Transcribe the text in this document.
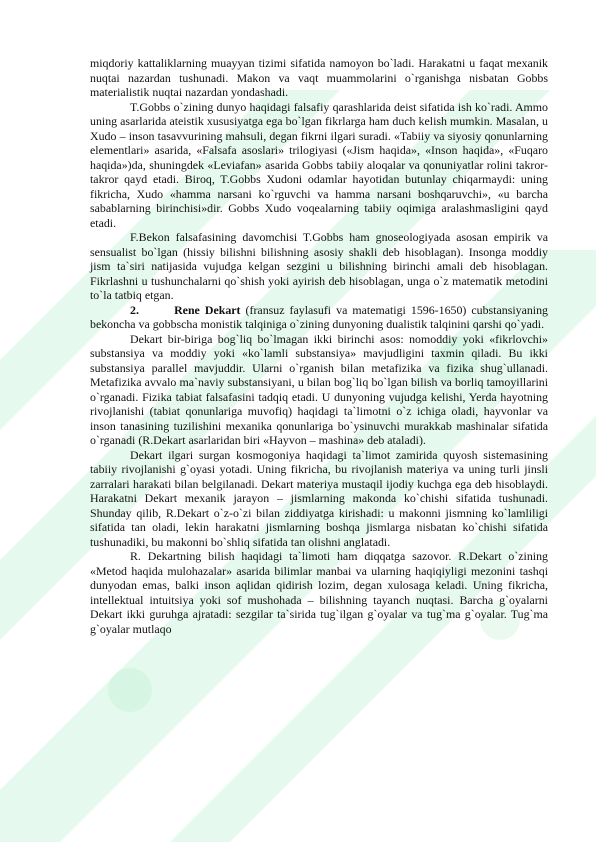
miqdoriy kattaliklarning muayyan tizimi sifatida namoyon bo`ladi. Harakatni u faqat mexanik nuqtai nazardan tushunadi. Makon va vaqt muammolarini o`rganishga nisbatan Gobbs materialistik nuqtai nazardan yondashadi.

T.Gobbs o`zining dunyo haqidagi falsafiy qarashlarida deist sifatida ish ko`radi. Ammo uning asarlarida ateistik xususiyatga ega bo`lgan fikrlarga ham duch kelish mumkin. Masalan, u Xudo – inson tasavvurining mahsuli, degan fikrni ilgari suradi. «Tabiiy va siyosiy qonunlarning elementlari» asarida, «Falsafa asoslari» trilogiyasi («Jism haqida», «Inson haqida», «Fuqaro haqida»)da, shuningdek «Leviafan» asarida Gobbs tabiiy aloqalar va qonuniyatlar rolini takror-takror qayd etadi. Biroq, T.Gobbs Xudoni odamlar hayotidan butunlay chiqarmaydi: uning fikricha, Xudo «hamma narsani ko`rguvchi va hamma narsani boshqaruvchi», «u barcha sabablarning birinchisi»dir. Gobbs Xudo voqealarning tabiiy oqimiga aralashmasligini qayd etadi.

F.Bekon falsafasining davomchisi T.Gobbs ham gnoseologiyada asosan empirik va sensualist bo`lgan (hissiy bilishni bilishning asosiy shakli deb hisoblagan). Insonga moddiy jism ta`siri natijasida vujudga kelgan sezgini u bilishning birinchi amali deb hisoblagan. Fikrlashni u tushunchalarni qo`shish yoki ayirish deb hisoblagan, unga o`z matematik metodini to`la tatbiq etgan.

2.	Rene Dekart (fransuz faylasufi va matematigi 1596-1650) cubstansiyaning bekoncha va gobbscha monistik talqiniga o`zining dunyoning dualistik talqinini qarshi qo`yadi.

Dekart bir-biriga bog`liq bo`lmagan ikki birinchi asos: nomoddiy yoki «fikrlovchi» substansiya va moddiy yoki «ko`lamli substansiya» mavjudligini taxmin qiladi. Bu ikki substansiya parallel mavjuddir. Ularni o`rganish bilan metafizika va fizika shug`ullanadi. Metafizika avvalo ma`naviy substansiyani, u bilan bog`liq bo`lgan bilish va borliq tamoyillarini o`rganadi. Fizika tabiat falsafasini tadqiq etadi. U dunyoning vujudga kelishi, Yerda hayotning rivojlanishi (tabiat qonunlariga muvofiq) haqidagi ta`limotni o`z ichiga oladi, hayvonlar va inson tanasining tuzilishini mexanika qonunlariga bo`ysinuvchi murakkab mashinalar sifatida o`rganadi (R.Dekart asarlaridan biri «Hayvon – mashina» deb ataladi).

Dekart ilgari surgan kosmogoniya haqidagi ta`limot zamirida quyosh sistemasining tabiiy rivojlanishi g`oyasi yotadi. Uning fikricha, bu rivojlanish materiya va uning turli jinsli zarralari harakati bilan belgilanadi. Dekart materiya mustaqil ijodiy kuchga ega deb hisoblaydi. Harakatni Dekart mexanik jarayon – jismlarning makonda ko`chishi sifatida tushunadi. Shunday qilib, R.Dekart o`z-o`zi bilan ziddiyatga kirishadi: u makonni jismning ko`lamliligi sifatida tan oladi, lekin harakatni jismlarning boshqa jismlarga nisbatan ko`chishi sifatida tushunadiki, bu makonni bo`shliq sifatida tan olishni anglatadi.

R. Dekartning bilish haqidagi ta`limoti ham diqqatga sazovor. R.Dekart o`zining «Metod haqida mulohazalar» asarida bilimlar manbai va ularning haqiqiyligi mezonini tashqi dunyodan emas, balki inson aqlidan qidirish lozim, degan xulosaga keladi. Uning fikricha, intellektual intuitsiya yoki sof mushohada – bilishning tayanch nuqtasi. Barcha g`oyalarni Dekart ikki guruhga ajratadi: sezgilar ta`sirida tug`ilgan g`oyalar va tug`ma g`oyalar. Tug`ma g`oyalar mutlaqo
